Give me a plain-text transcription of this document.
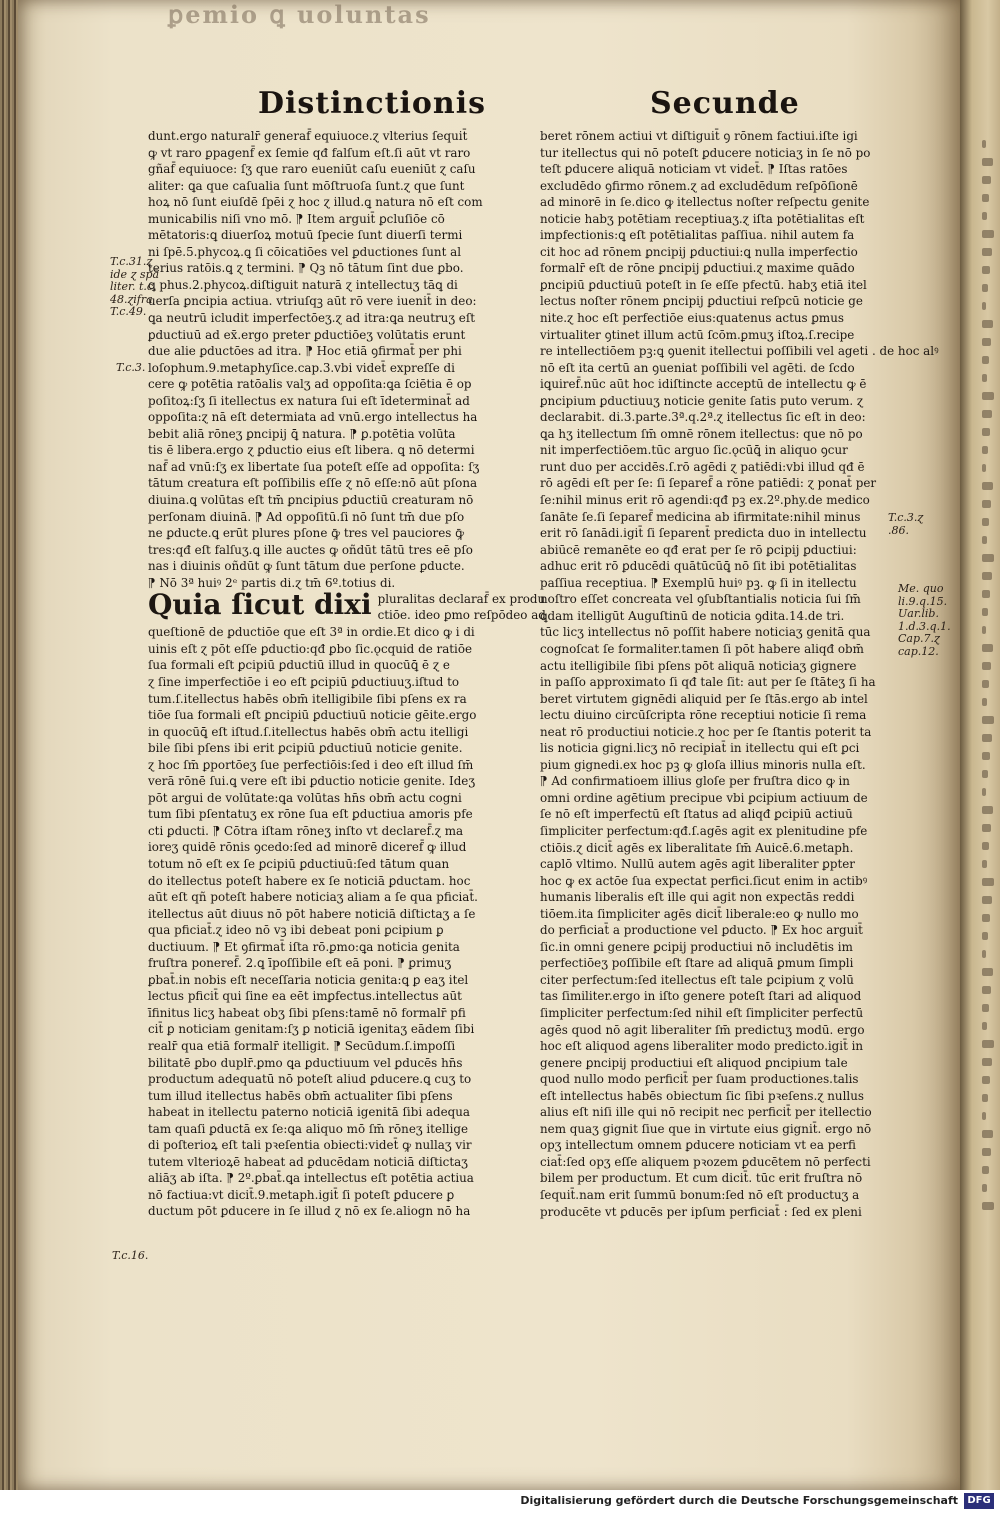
ꝑemio ꝗ uoluntas
Distinctionis	Secunde
T.c.31.ɀ
ide ɀ spā
liter. t.c.
48.ɀifra
T.c.49.
T.c.3.
T.c.16.
T.c.3.ɀ
.86.
Me. quo
li.9.q.15.
Uar.lib.
1.d.3.q.1.
Cap.7.ɀ
cap.12.
dunt.ergo naturalr̄ generaf̄ equiuoce.ɀ vlterius ſequit̄
ꝙ vt raro ꝑpagenf̄ ex ſemie qđ falſum eſt.ſi aūt vt raro
gñaf̄ equiuoce: ſʒ que raro eueniūt caſu eueniūt ɀ caſu
aliter: ꝗa que caſualia ſunt mōſtruoſa ſunt.ɀ que ſunt
hoꝝ nō ſunt eiuſdē ſpēi ɀ hoc ɀ illud.ꝗ natura nō eſt com
municabilis niſi vno mō. ⁋ Item arguit̄ ꝑcluſiōe cō
mētatoris:ꝗ diuerſoꝝ motuū ſpecie ſunt diuerſi termi
ni ſpē.5.phycoꝝ.ꝗ ſi cōicatiōes vel ꝑductiones ſunt al
terius ratōis.ꝗ ɀ termini. ⁋ Qꝫ nō tātum ſint due ꝑbo.
ꝗ phus.2.phycoꝝ.diſtiguit naturā ɀ intellectuʒ tāꝗ di
uerſa ꝑncipia actiua. vtriuſqꝫ aūt rō vere iuenit̄ in deo:
ꝗa neutrū icludit imperfectōeʒ.ɀ ad itra:ꝗa neutruʒ eſt
ꝑductiuū ad ex̄.ergo preter ꝑductiōeʒ volūtatis erunt
due alie ꝑductōes ad itra. ⁋ Hoc etiā ꝯfirmat̄ per phi
loſophum.9.metaphyſice.cap.3.vbi videt̄ expreſſe di
cere ꝙ potētia ratōalis valʒ ad oppoſita:ꝗa ſciētia ē op
poſitoꝝ:ſʒ ſi itellectus ex natura ſui eſt īdeterminat̄ ad
oppoſita:ɀ nā eſt determiata ad vnū.ergo intellectus ha
bebit aliā rōneʒ ꝑncipij ꝗ̄ natura. ⁋ ꝑ.potētia volūta
tis ē libera.ergo ɀ ꝑductio eius eſt libera. ꝗ nō determi
naf̄ ad vnū:ſʒ ex libertate ſua poteſt eſſe ad oppoſita: ſʒ
tātum creatura eſt poſſibilis eſſe ɀ nō eſſe:nō aūt pſona
diuina.ꝗ volūtas eſt tm̄ ꝑncipius ꝑductiū creaturam nō
perſonam diuinā. ⁋ Ad oppoſitū.ſi nō ſunt tm̄ due pſo
ne ꝑducte.ꝗ erūt plures pſone ꝙ̄ tres vel pauciores ꝙ̄
tres:qđ eſt falſuʒ.ꝗ ille auctes ꝙ oñdūt tātū tres eē pſo
nas i diuinis oñdūt ꝙ ſunt tātum due perſone ꝑducte.
⁋ Nō 3ª huiꝰ 2ᵉ partis di.ɀ tm̄ 6º.totius di.
Quia ſicut dixi pluralitas declaraf̄ ex produ
ctiōe. ideo ꝑmo reſpōdeo ad
queſtionē de ꝑductiōe que eſt 3ª in ordie.Et dico ꝙ i di
uinis eſt ɀ pōt eſſe ꝑductio:qđ ꝑbo ſic.ǫcquid de ratiōe
ſua formali eſt ꝑcipiū ꝑductiū illud in quocūꝗ̄ ē ɀ e
ɀ ſine imperfectiōe i eo eſt ꝑcipiū ꝑductiuuʒ.iſtud to
tum.ſ.itellectus habēs obm̄ itelligibile ſibi pſens ex ra
tiōe ſua formali eſt ꝑncipiū ꝑductiuū noticie gēite.ergo
in quocūꝗ̄ eſt iſtud.ſ.itellectus habēs obm̄ actu itelligi
bile ſibi pſens ibi erit ꝑcipiū ꝑductiuū noticie genite.
ɀ hoc ſm̄ ꝑportōeʒ ſue perfectiōis:ſed i deo eſt illud ſm̄
verā rōnē ſui.ꝗ vere eſt ibi ꝑductio noticie genite. Ideʒ
pōt argui de volūtate:ꝗa volūtas hn̄s obm̄ actu cogni
tum ſibi pſentatuʒ ex rōne ſua eſt ꝑductiua amoris pfe
cti ꝑducti. ⁋ Cōtra iſtam rōneʒ inſto vt declaref̄.ɀ ma
ioreʒ quidē rōnis ꝯcedo:ſed ad minorē diceref̄ ꝙ illud
totum nō eſt ex ſe ꝑcipiū ꝑductiuū:ſed tātum quan
do itellectus poteſt habere ex ſe noticiā ꝑductam. hoc
aūt eſt qñ poteſt habere noticiaʒ aliam a ſe qua pficiat̄.
itellectus aūt diuus nō pōt habere noticiā diſtictaʒ a ſe
qua pficiat̄.ɀ ideo nō vꝫ ibi debeat poni ꝑcipium ꝑ
ductiuum. ⁋ Et ꝯfirmat̄ iſta rō.ꝑmo:ꝗa noticia genita
fruſtra poneref̄. 2.ꝗ īpoſſibile eſt eā poni. ⁋ ꝑrimuʒ
ꝑbat̄.in nobis eſt neceſſaria noticia genita:ꝗ ꝑ eaʒ itel
lectus pficit̄ qui ſine ea eēt imꝑfectus.intellectus aūt
īfinitus licʒ habeat obʒ ſibi pſens:tamē nō formalr̄ pfi
cit̄ ꝑ noticiam genitam:ſʒ ꝑ noticiā igenitaʒ eādem ſibi
realr̄ qua etiā formalr̄ itelligit. ⁋ Secūdum.ſ.impoſſi
bilitatē ꝑbo duplr̄.ꝑmo ꝗa ꝑductiuum vel ꝑducēs hn̄s
productum adequatū nō poteſt aliud ꝑducere.ꝗ cuʒ to
tum illud itellectus habēs obm̄ actualiter ſibi pſens
habeat in itellectu paterno noticiā igenitā ſibi adequa
tam quaſi ꝑductā ex ſe:ꝗa aliquo mō ſm̄ rōneʒ itellige
di poſterioꝝ eſt tali pꝛeſentia obiecti:videt̄ ꝙ nullaʒ vir
tutem vlterioꝝē habeat ad ꝑducēdam noticiā diſtictaʒ
aliāʒ ab iſta. ⁋ 2º.ꝑbat̄.ꝗa intellectus eſt potētia actiua
nō factiua:vt dicit̄.9.metaph.igit̄ ſi poteſt ꝑducere ꝑ
ductum pōt ꝑducere in ſe illud ɀ nō ex ſe.aliogn nō ha
beret rōnem actiui vt diſtiguit̄ ꝯ rōnem factiui.iſte igi
tur itellectus qui nō poteſt ꝑducere noticiaʒ in ſe nō po
teſt ꝑducere aliquā noticiam vt videt̄. ⁋ Iſtas ratōes
excludēdo ꝯfirmo rōnem.ɀ ad excludēdum reſpōſionē
ad minorē in ſe.dico ꝙ itellectus noſter reſpectu genite
noticie habʒ potētiam receptiuaʒ.ɀ iſta potētialitas eſt
impfectionis:ꝗ eſt potētialitas paſſiua. nihil autem fa
cit hoc ad rōnem ꝑncipij ꝑductiui:ꝗ nulla imperfectio
formalr̄ eſt de rōne ꝑncipij ꝑductiui.ɀ maxime quādo
ꝑncipiū ꝑductiuū poteſt in ſe eſſe pfectū. habʒ etiā itel
lectus noſter rōnem ꝑncipij ꝑductiui reſpcū noticie ge
nite.ɀ hoc eſt perfectiōe eius:quatenus actus ꝑmus
virtualiter ꝯtinet illum actū ſcōm.ꝑmuʒ iſtoꝝ.ſ.recipe
re intellectiōem pꝫ:ꝗ ꝯuenit itellectui poſſibili vel ageti . de hoc alꝰ
nō eſt ita certū an ꝯueniat poſſibili vel agēti. de ſcdo
iꝗuiref̄.nūc aūt hoc idiſtincte acceptū de intellectu ꝙ ē
ꝑncipium ꝑductiuuʒ noticie genite ſatis puto verum. ɀ
declarabit. di.3.parte.3ª.q.2ª.ɀ itellectus ſic eſt in deo:
ꝗa hʒ itellectum ſm̄ omnē rōnem itellectus: que nō po
nit imperfectiōem.tūc arguo ſic.ǫcūꝗ̄ in aliquo ꝯcur
runt duo per accidēs.ſ.rō agēdi ɀ patiēdi:vbi illud qđ ē
rō agēdi eſt per ſe: ſi ſeparef̄ a rōne patiēdi: ɀ ponat̄ per
ſe:nihil minus erit rō agendi:qđ pꝫ ex.2º.phy.de medico
ſanāte ſe.ſi ſeparef̄ medicina ab ifirmitate:nihil minus
erit rō ſanādi.igit̄ ſi ſeparent̄ predicta duo in intellectu
abiūcē remanēte eo qđ erat per ſe rō ꝑcipij ꝑductiui:
adhuc erit rō ꝑducēdi quātūcūꝗ̄ nō ſit ibi potētialitas
paſſiua receptiua. ⁋ Exemplū huiꝰ pꝫ. ꝙ ſi in itellectu
noſtro eſſet concreata vel ꝯſubſtantialis noticia ſui ſm̄
ꝗdam itelligūt Auguſtinū de noticia ꝯdita.14.de tri.
tūc licʒ intellectus nō poſſit habere noticiaʒ genitā qua
cognoſcat ſe formaliter.tamen ſi pōt habere aliqđ obm̄
actu itelligibile ſibi pſens pōt aliquā noticiaʒ gignere
in paſſo approximato ſi qđ tale ſit: aut per ſe ſtāteʒ ſi ha
beret virtutem gignēdi aliquid per ſe ſtās.ergo ab intel
lectu diuino circūſcripta rōne receptiui noticie ſi rema
neat rō productiui noticie.ɀ hoc per ſe ſtantis poterit ta
lis noticia gigni.licʒ nō recipiat̄ in itellectu qui eſt ꝑci
pium gignedi.ex hoc pꝫ ꝙ gloſa illius minoris nulla eſt.
⁋ Ad confirmatioem illius gloſe per fruſtra dico ꝙ in
omni ordine agētium precipue vbi ꝑcipium actiuum de
ſe nō eſt imperfectū eſt ſtatus ad aliqđ ꝑcipiū actiuū
ſimpliciter perfectum:qđ.ſ.agēs agit ex plenitudine pfe
ctiōis.ɀ dicit̄ agēs ex liberalitate ſm̄ Auicē.6.metaph.
caplō vltimo. Nullū autem agēs agit liberaliter ꝑpter
hoc ꝙ ex actōe ſua expectat perfici.ſicut enim in actibꝰ
humanis liberalis eſt ille qui agit non expectās reddi
tiōem.ita ſimpliciter agēs dicit̄ liberale:eo ꝙ nullo mo
do perficiat̄ a productione vel ꝑducto. ⁋ Ex hoc arguit̄
ſic.in omni genere ꝑcipij productiui nō includētis im
perfectiōeʒ poſſibile eſt ſtare ad aliquā ꝑmum ſimpli
citer perfectum:ſed itellectus eſt tale ꝑcipium ɀ volū
tas ſimiliter.ergo in iſto genere poteſt ſtari ad aliquod
ſimpliciter perfectum:ſed nihil eſt ſimpliciter perfectū
agēs quod nō agit liberaliter ſm̄ predictuʒ modū. ergo
hoc eſt aliquod agens liberaliter modo predicto.igit̄ in
genere ꝑncipij productiui eſt aliquod ꝑncipium tale
quod nullo modo perficit̄ per ſuam productiones.talis
eſt intellectus habēs obiectum ſic ſibi pꝛeſens.ɀ nullus
alius eſt niſi ille qui nō recipit nec perficit̄ per itellectio
nem quaʒ gignit ſiue que in virtute eius gignit̄. ergo nō
opʒ intellectum omnem ꝑducere noticiam vt ea perfi
ciat̄:ſed opʒ eſſe aliquem pꝛozem ꝑducētem nō perfecti
bilem per productum. Et cum dicit̄. tūc erit fruſtra nō
ſequit̄.nam erit ſummū bonum:ſed nō eſt productuʒ a
producēte vt ꝑducēs per ipſum perficiat̄ : ſed ex pleni
Digitalisierung gefördert durch die Deutsche Forschungsgemeinschaft DFG
